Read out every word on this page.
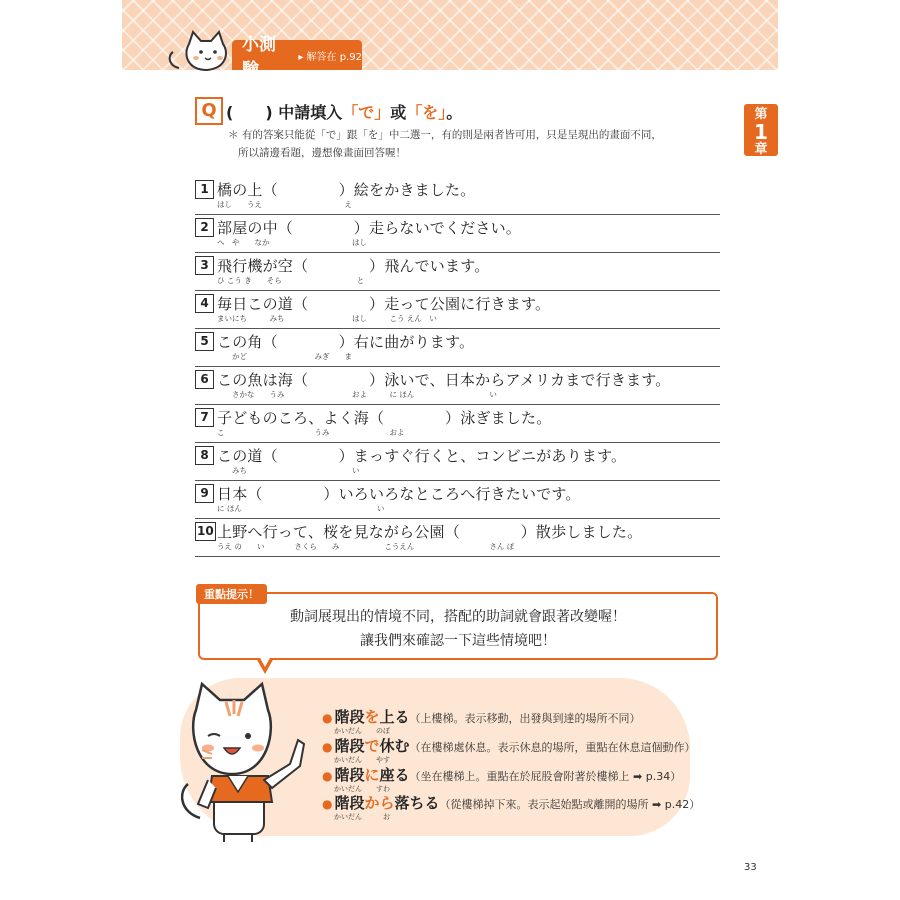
小測驗
▸ 解答在 p.92
第
1
章
Q (　　) 中請填入「で」或「を」。
＊ 有的答案只能從「で」跟「を」中二選一，有的則是兩者皆可用，只是呈現出的畫面不同，
所以請邊看題，邊想像畫面回答喔！
1 橋の上（　　　　）絵をかきました。
はし　　うえ　　　　　　　　　　　え
2 部屋の中（　　　　）走らないでください。
へ　や　　なか　　　　　　　　　　　はし
3 飛行機が空（　　　　）飛んでいます。
ひ こう き　　そら　　　　　　　　　　と
4 毎日この道（　　　　）走って公園に行きます。
まいにち　　　みち　　　　　　　　　はし　　　こう えん　い
5 この角（　　　　）右に曲がります。
　　かど　　　　　　　　　みぎ　　ま
6 この魚は海（　　　　）泳いで、日本からアメリカまで行きます。
　　さかな　　うみ　　　　　　　　　およ　　　に ほん　　　　　　　　　　い
7 子どものころ、よく海（　　　　）泳ぎました。
こ　　　　　　　　　　　　うみ　　　　　　　　およ
8 この道（　　　　）まっすぐ行くと、コンビニがあります。
　　みち　　　　　　　　　　　　　　い
9 日本（　　　　）いろいろなところへ行きたいです。
に ほん　　　　　　　　　　　　　　　　　　い
10 上野へ行って、桜を見ながら公園（　　　　）散歩しました。
うえ の　　い　　　　さくら　　み　　　　　　こうえん　　　　　　　　　　さん ぽ
重點提示！
動詞展現出的情境不同，搭配的助詞就會跟著改變喔！
讓我們來確認一下這些情境吧！
● 階段を上る（上樓梯。表示移動，出發與到達的場所不同）
かいだん　　のぼ
● 階段で休む（在樓梯處休息。表示休息的場所，重點在休息這個動作）
かいだん　　やす
● 階段に座る（坐在樓梯上。重點在於屁股會附著於樓梯上 ➡ p.34）
かいだん　　すわ
● 階段から落ちる（從樓梯掉下來。表示起始點或離開的場所 ➡ p.42）
かいだん　　　お
33
